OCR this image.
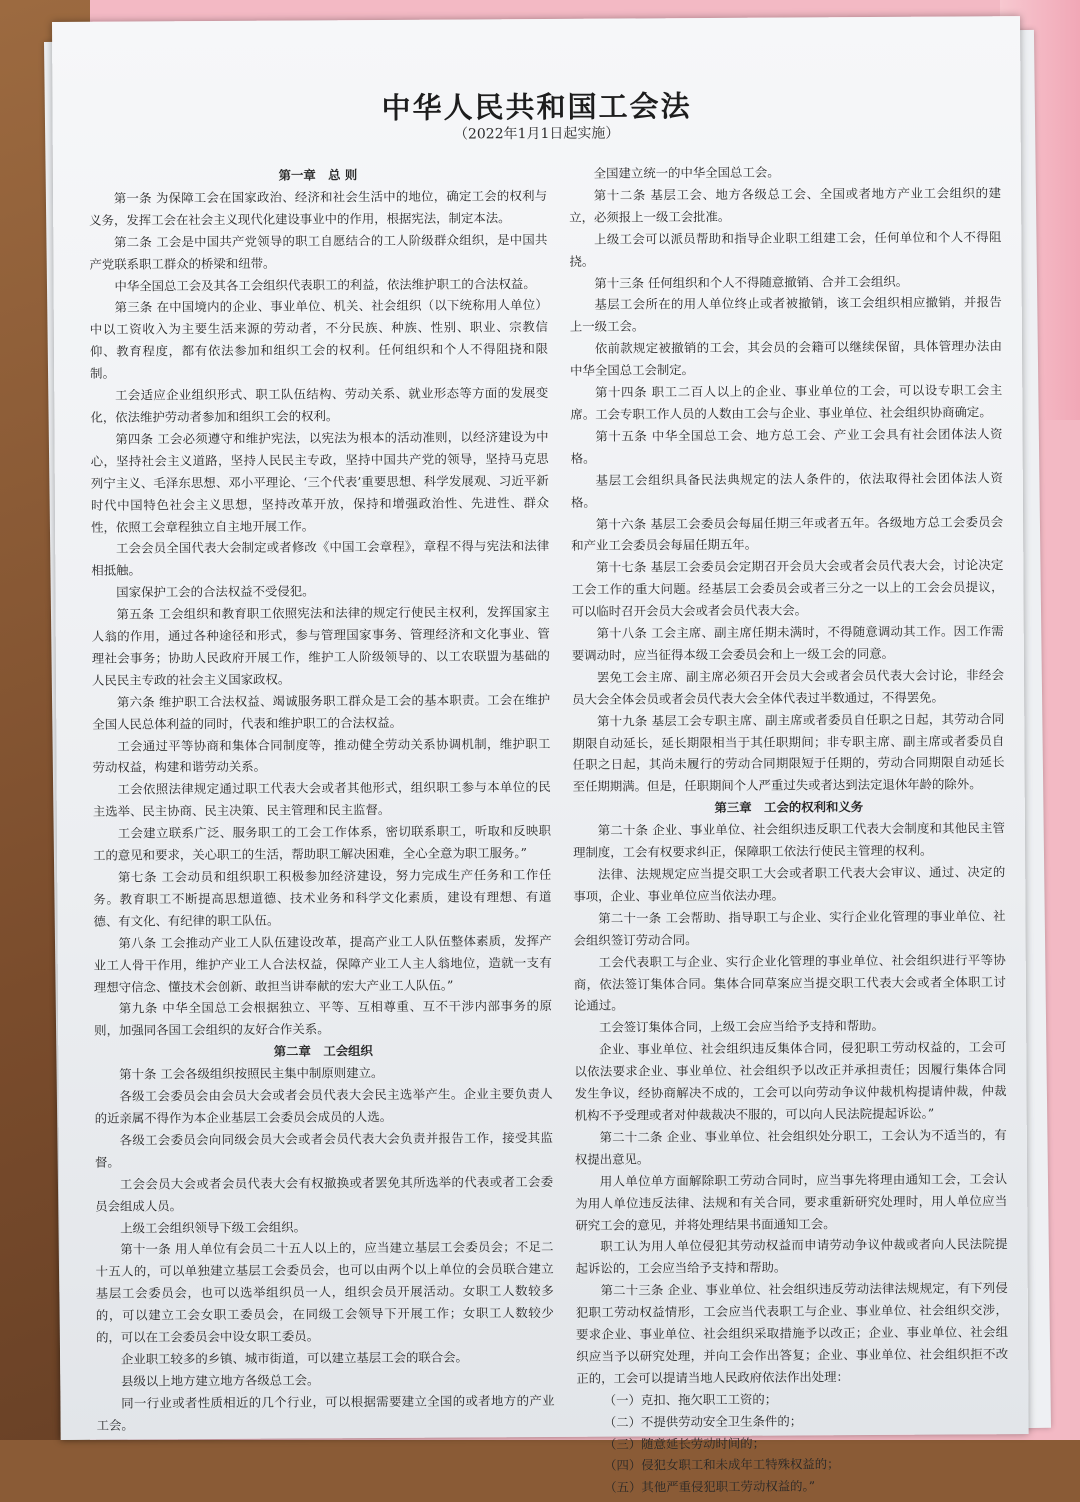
中华人民共和国工会法
（2022年1月1日起实施）

第一章　总 则

第一条 为保障工会在国家政治、经济和社会生活中的地位，确定工会的权利与义务，发挥工会在社会主义现代化建设事业中的作用，根据宪法，制定本法。

第二条 工会是中国共产党领导的职工自愿结合的工人阶级群众组织，是中国共产党联系职工群众的桥梁和纽带。

中华全国总工会及其各工会组织代表职工的利益，依法维护职工的合法权益。

第三条 在中国境内的企业、事业单位、机关、社会组织（以下统称用人单位）中以工资收入为主要生活来源的劳动者，不分民族、种族、性别、职业、宗教信仰、教育程度，都有依法参加和组织工会的权利。任何组织和个人不得阻挠和限制。

工会适应企业组织形式、职工队伍结构、劳动关系、就业形态等方面的发展变化，依法维护劳动者参加和组织工会的权利。

第四条 工会必须遵守和维护宪法，以宪法为根本的活动准则，以经济建设为中心，坚持社会主义道路，坚持人民民主专政，坚持中国共产党的领导，坚持马克思列宁主义、毛泽东思想、邓小平理论、‘三个代表’重要思想、科学发展观、习近平新时代中国特色社会主义思想，坚持改革开放，保持和增强政治性、先进性、群众性，依照工会章程独立自主地开展工作。

工会会员全国代表大会制定或者修改《中国工会章程》，章程不得与宪法和法律相抵触。

国家保护工会的合法权益不受侵犯。

第五条 工会组织和教育职工依照宪法和法律的规定行使民主权利，发挥国家主人翁的作用，通过各种途径和形式，参与管理国家事务、管理经济和文化事业、管理社会事务；协助人民政府开展工作，维护工人阶级领导的、以工农联盟为基础的人民民主专政的社会主义国家政权。

第六条 维护职工合法权益、竭诚服务职工群众是工会的基本职责。工会在维护全国人民总体利益的同时，代表和维护职工的合法权益。

工会通过平等协商和集体合同制度等，推动健全劳动关系协调机制，维护职工劳动权益，构建和谐劳动关系。

工会依照法律规定通过职工代表大会或者其他形式，组织职工参与本单位的民主选举、民主协商、民主决策、民主管理和民主监督。

工会建立联系广泛、服务职工的工会工作体系，密切联系职工，听取和反映职工的意见和要求，关心职工的生活，帮助职工解决困难，全心全意为职工服务。”

第七条 工会动员和组织职工积极参加经济建设，努力完成生产任务和工作任务。教育职工不断提高思想道德、技术业务和科学文化素质，建设有理想、有道德、有文化、有纪律的职工队伍。

第八条 工会推动产业工人队伍建设改革，提高产业工人队伍整体素质，发挥产业工人骨干作用，维护产业工人合法权益，保障产业工人主人翁地位，造就一支有理想守信念、懂技术会创新、敢担当讲奉献的宏大产业工人队伍。”

第九条 中华全国总工会根据独立、平等、互相尊重、互不干涉内部事务的原则，加强同各国工会组织的友好合作关系。

第二章　工会组织

第十条 工会各级组织按照民主集中制原则建立。

各级工会委员会由会员大会或者会员代表大会民主选举产生。企业主要负责人的近亲属不得作为本企业基层工会委员会成员的人选。

各级工会委员会向同级会员大会或者会员代表大会负责并报告工作，接受其监督。

工会会员大会或者会员代表大会有权撤换或者罢免其所选举的代表或者工会委员会组成人员。

上级工会组织领导下级工会组织。

第十一条 用人单位有会员二十五人以上的，应当建立基层工会委员会；不足二十五人的，可以单独建立基层工会委员会，也可以由两个以上单位的会员联合建立基层工会委员会，也可以选举组织员一人，组织会员开展活动。女职工人数较多的，可以建立工会女职工委员会，在同级工会领导下开展工作；女职工人数较少的，可以在工会委员会中设女职工委员。

企业职工较多的乡镇、城市街道，可以建立基层工会的联合会。

县级以上地方建立地方各级总工会。

同一行业或者性质相近的几个行业，可以根据需要建立全国的或者地方的产业工会。

全国建立统一的中华全国总工会。

第十二条 基层工会、地方各级总工会、全国或者地方产业工会组织的建立，必须报上一级工会批准。

上级工会可以派员帮助和指导企业职工组建工会，任何单位和个人不得阻挠。

第十三条 任何组织和个人不得随意撤销、合并工会组织。

基层工会所在的用人单位终止或者被撤销，该工会组织相应撤销，并报告上一级工会。

依前款规定被撤销的工会，其会员的会籍可以继续保留，具体管理办法由中华全国总工会制定。

第十四条 职工二百人以上的企业、事业单位的工会，可以设专职工会主席。工会专职工作人员的人数由工会与企业、事业单位、社会组织协商确定。

第十五条 中华全国总工会、地方总工会、产业工会具有社会团体法人资格。

基层工会组织具备民法典规定的法人条件的，依法取得社会团体法人资格。

第十六条 基层工会委员会每届任期三年或者五年。各级地方总工会委员会和产业工会委员会每届任期五年。

第十七条 基层工会委员会定期召开会员大会或者会员代表大会，讨论决定工会工作的重大问题。经基层工会委员会或者三分之一以上的工会会员提议，可以临时召开会员大会或者会员代表大会。

第十八条 工会主席、副主席任期未满时，不得随意调动其工作。因工作需要调动时，应当征得本级工会委员会和上一级工会的同意。

罢免工会主席、副主席必须召开会员大会或者会员代表大会讨论，非经会员大会全体会员或者会员代表大会全体代表过半数通过，不得罢免。

第十九条 基层工会专职主席、副主席或者委员自任职之日起，其劳动合同期限自动延长，延长期限相当于其任职期间；非专职主席、副主席或者委员自任职之日起，其尚未履行的劳动合同期限短于任期的，劳动合同期限自动延长至任期期满。但是，任职期间个人严重过失或者达到法定退休年龄的除外。

第三章　工会的权利和义务

第二十条 企业、事业单位、社会组织违反职工代表大会制度和其他民主管理制度，工会有权要求纠正，保障职工依法行使民主管理的权利。

法律、法规规定应当提交职工大会或者职工代表大会审议、通过、决定的事项，企业、事业单位应当依法办理。

第二十一条 工会帮助、指导职工与企业、实行企业化管理的事业单位、社会组织签订劳动合同。

工会代表职工与企业、实行企业化管理的事业单位、社会组织进行平等协商，依法签订集体合同。集体合同草案应当提交职工代表大会或者全体职工讨论通过。

工会签订集体合同，上级工会应当给予支持和帮助。

企业、事业单位、社会组织违反集体合同，侵犯职工劳动权益的，工会可以依法要求企业、事业单位、社会组织予以改正并承担责任；因履行集体合同发生争议，经协商解决不成的，工会可以向劳动争议仲裁机构提请仲裁，仲裁机构不予受理或者对仲裁裁决不服的，可以向人民法院提起诉讼。”

第二十二条 企业、事业单位、社会组织处分职工，工会认为不适当的，有权提出意见。

用人单位单方面解除职工劳动合同时，应当事先将理由通知工会，工会认为用人单位违反法律、法规和有关合同，要求重新研究处理时，用人单位应当研究工会的意见，并将处理结果书面通知工会。

职工认为用人单位侵犯其劳动权益而申请劳动争议仲裁或者向人民法院提起诉讼的，工会应当给予支持和帮助。

第二十三条 企业、事业单位、社会组织违反劳动法律法规规定，有下列侵犯职工劳动权益情形，工会应当代表职工与企业、事业单位、社会组织交涉，要求企业、事业单位、社会组织采取措施予以改正；企业、事业单位、社会组织应当予以研究处理，并向工会作出答复；企业、事业单位、社会组织拒不改正的，工会可以提请当地人民政府依法作出处理：

（一）克扣、拖欠职工工资的；

（二）不提供劳动安全卫生条件的；

（三）随意延长劳动时间的；

（四）侵犯女职工和未成年工特殊权益的；

（五）其他严重侵犯职工劳动权益的。”
